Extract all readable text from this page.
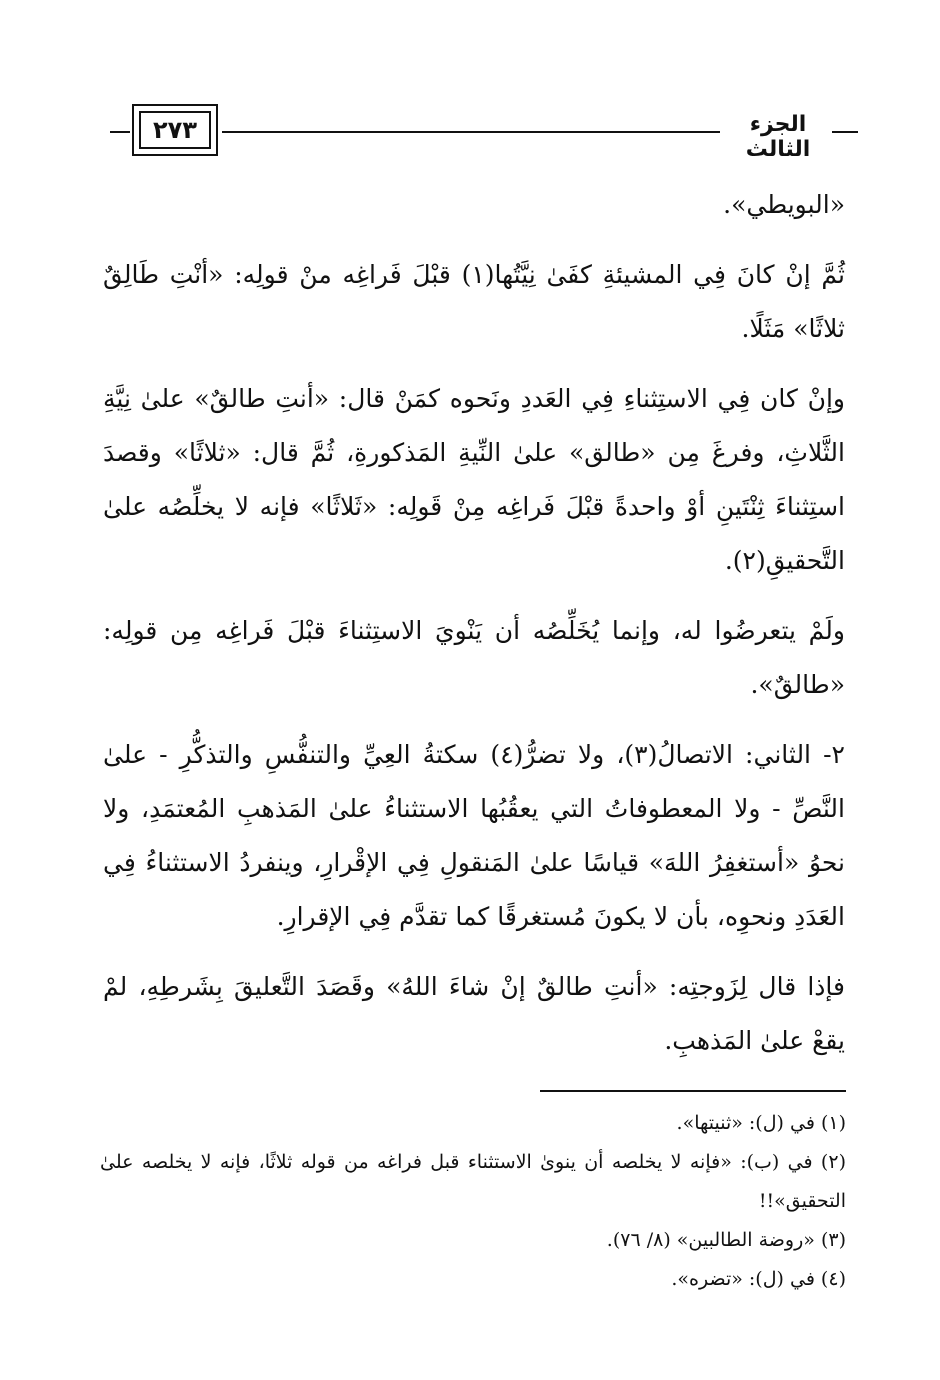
الجزء الثالث
٢٧٣

«البويطي».

ثُمَّ إنْ كانَ فِي المشيئةِ كفَىٰ نِيَّتُها(١) قبْلَ فَراغِه منْ قولِه: «أنْتِ طَالِقٌ ثلاثًا» مَثَلًا.

وإنْ كان فِي الاستِثناءِ فِي العَددِ ونَحوه كمَنْ قال: «أنتِ طالقٌ» علىٰ نِيَّةِ الثَّلاثِ، وفرغَ مِن «طالق» علىٰ النِّيةِ المَذكورةِ، ثُمَّ قال: «ثلاثًا» وقصدَ استِثناءَ ثِنْتَينِ أوْ واحدةً قبْلَ فَراغِه مِنْ قَولِه: «ثَلاثًا» فإنه لا يخلِّصُه علىٰ التَّحقيقِ(٢).

ولَمْ يتعرضُوا له، وإنما يُخَلِّصُه أن يَنْويَ الاستِثناءَ قبْلَ فَراغِه مِن قولِه: «طالقٌ».

٢- الثاني: الاتصالُ(٣)، ولا تضرُّ(٤) سكتةُ العِيِّ والتنفُّسِ والتذكُّرِ - علىٰ النَّصِّ - ولا المعطوفاتُ التي يعقُبُها الاستثناءُ علىٰ المَذهبِ المُعتمَدِ، ولا نحوُ «أستغفِرُ اللهَ» قياسًا علىٰ المَنقولِ فِي الإقْرارِ، وينفردُ الاستثناءُ فِي العَدَدِ ونحوِه، بأن لا يكونَ مُستغرقًا كما تقدَّم فِي الإقرارِ.

فإذا قال لِزَوجتِه: «أنتِ طالقٌ إنْ شاءَ اللهُ» وقَصَدَ التَّعليقَ بِشَرطِهِ، لمْ يقعْ علىٰ المَذهبِ.

(١) في (ل): «ثنيتها».

(٢) في (ب): «فإنه لا يخلصه أن ينوىٰ الاستثناء قبل فراغه من قوله ثلاثًا، فإنه لا يخلصه علىٰ التحقيق»!!

(٣) «روضة الطالبين» (٨/ ٧٦).

(٤) في (ل): «تضره».
